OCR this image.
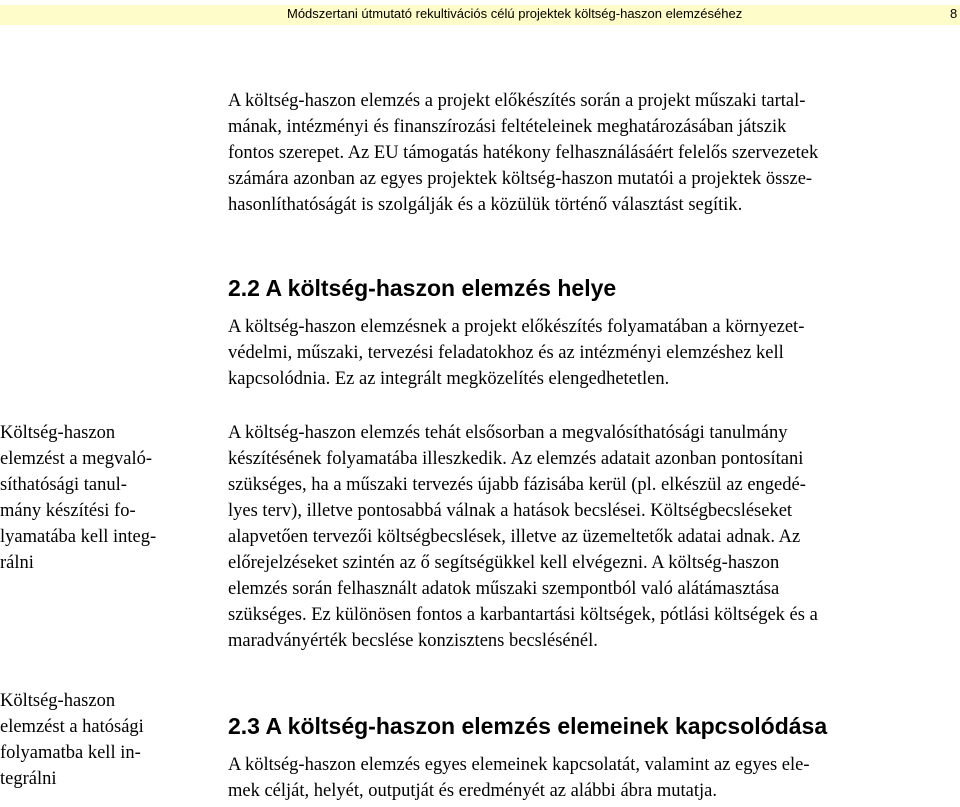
Módszertani útmutató rekultivációs célú projektek költség-haszon elemzéséhez	8
A költség-haszon elemzés a projekt előkészítés során a projekt műszaki tartal-
mának, intézményi és finanszírozási feltételeinek meghatározásában játszik
fontos szerepet. Az EU támogatás hatékony felhasználásáért felelős szervezetek
számára azonban az egyes projektek költség-haszon mutatói a projektek össze-
hasonlíthatóságát is szolgálják és a közülük történő választást segítik.
2.2 A költség-haszon elemzés helye
A költség-haszon elemzésnek a projekt előkészítés folyamatában a környezet-
védelmi, műszaki, tervezési feladatokhoz és az intézményi elemzéshez kell
kapcsolódnia. Ez az integrált megközelítés elengedhetetlen.
A költség-haszon elemzés tehát elsősorban a megvalósíthatósági tanulmány
készítésének folyamatába illeszkedik. Az elemzés adatait azonban pontosítani
szükséges, ha a műszaki tervezés újabb fázisába kerül (pl. elkészül az engedé-
lyes terv), illetve pontosabbá válnak a hatások becslései. Költségbecsléseket
alapvetően tervezői költségbecslések, illetve az üzemeltetők adatai adnak. Az
előrejelzéseket szintén az ő segítségükkel kell elvégezni. A költség-haszon
elemzés során felhasznált adatok műszaki szempontból való alátámasztása
szükséges. Ez különösen fontos a karbantartási költségek, pótlási költségek és a
maradványérték becslése konzisztens becslésénél.
Költség-haszon
elemzést a megvaló-
síthatósági tanul-
mány készítési fo-
lyamatába kell integ-
rálni
Költség-haszon
elemzést a hatósági
folyamatba kell in-
tegrálni
2.3 A költség-haszon elemzés elemeinek kapcsolódása
A költség-haszon elemzés egyes elemeinek kapcsolatát, valamint az egyes ele-
mek célját, helyét, outputját és eredményét az alábbi ábra mutatja.
